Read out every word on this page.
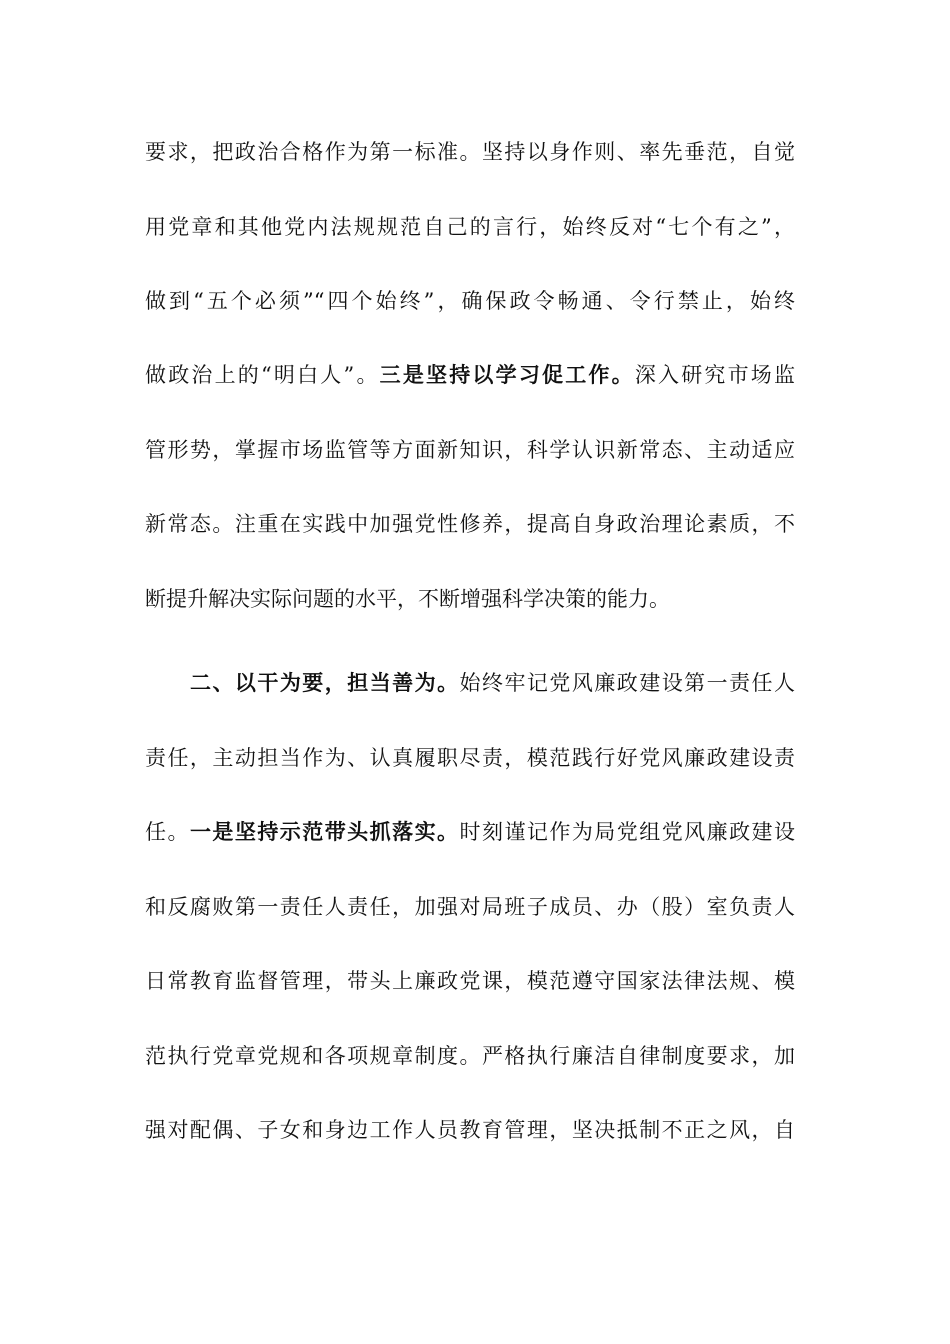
要求，把政治合格作为第一标准。坚持以身作则、率先垂范，自觉
用党章和其他党内法规规范自己的言行，始终反对“七个有之”，
做到“五个必须”“四个始终”，确保政令畅通、令行禁止，始终
做政治上的“明白人”。三是坚持以学习促工作。深入研究市场监
管形势，掌握市场监管等方面新知识，科学认识新常态、主动适应
新常态。注重在实践中加强党性修养，提高自身政治理论素质，不
断提升解决实际问题的水平，不断增强科学决策的能力。
二、以干为要，担当善为。始终牢记党风廉政建设第一责任人
责任，主动担当作为、认真履职尽责，模范践行好党风廉政建设责
任。一是坚持示范带头抓落实。时刻谨记作为局党组党风廉政建设
和反腐败第一责任人责任，加强对局班子成员、办（股）室负责人
日常教育监督管理，带头上廉政党课，模范遵守国家法律法规、模
范执行党章党规和各项规章制度。严格执行廉洁自律制度要求，加
强对配偶、子女和身边工作人员教育管理，坚决抵制不正之风，自
